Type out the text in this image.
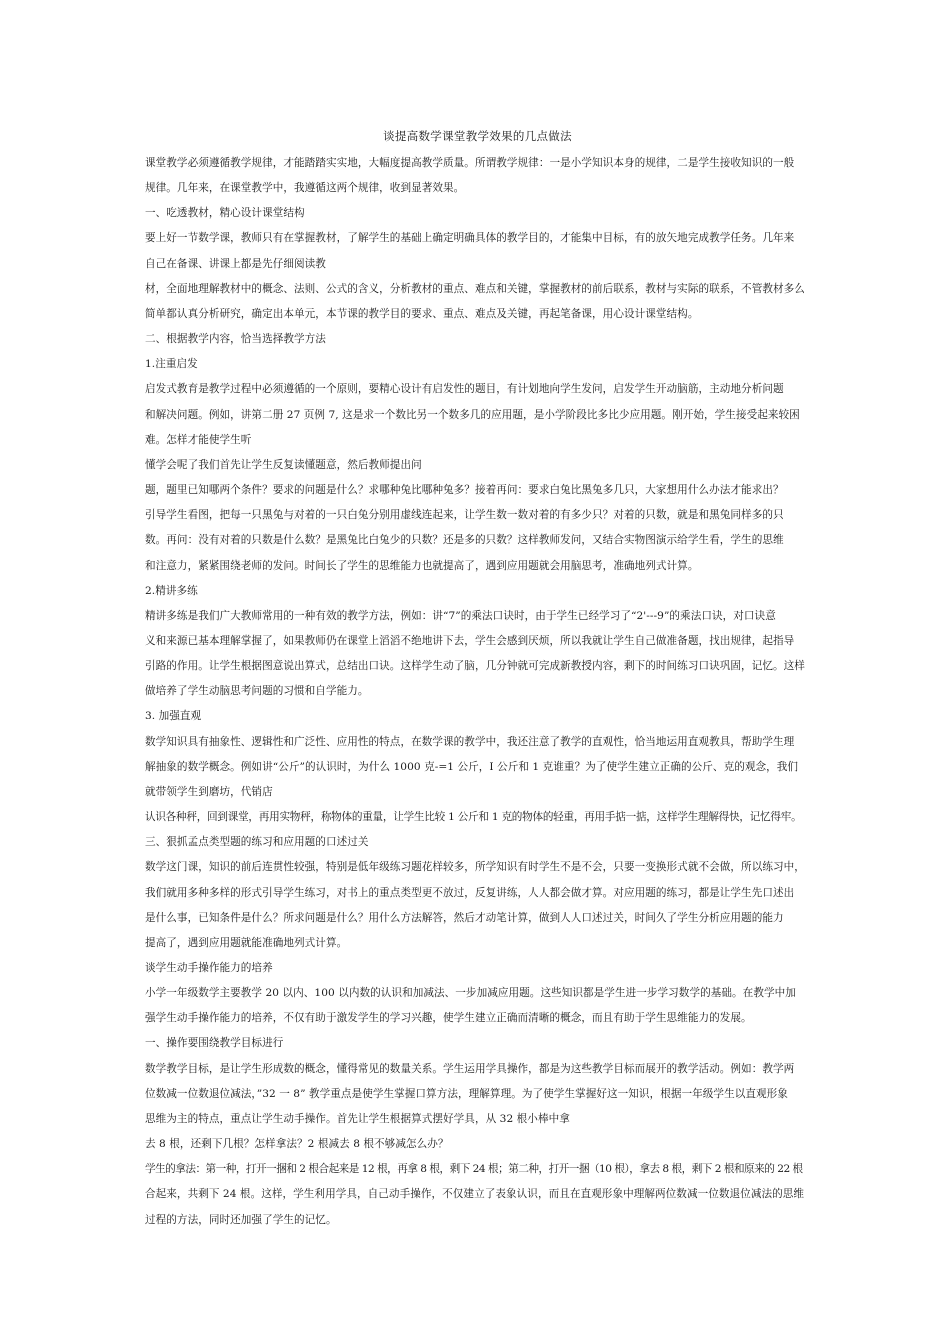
谈提高数学课堂教学效果的几点做法
课堂教学必须遵循教学规律，才能踏踏实实地，大幅度提高教学质量。所谓教学规律：一是小学知识本身的规律，二是学生接收知识的一般
规律。几年来，在课堂教学中，我遵循这两个规律，收到显著效果。
一、吃透教材，精心设计课堂结构
要上好一节数学课，教师只有在掌握教材，了解学生的基础上确定明确具体的教学目的，才能集中目标，有的放矢地完成教学任务。几年来
自己在备课、讲课上都是先仔细阅读教
材，全面地理解教材中的概念、法则、公式的含义，分析教材的重点、难点和关键，掌握教材的前后联系，教材与实际的联系，不管教材多么
简单都认真分析研究，确定出本单元，本节课的教学目的要求、重点、难点及关键，再起笔备课，用心设计课堂结构。
二、根据教学内容，恰当选择教学方法
1.注重启发
启发式教育是教学过程中必须遵循的一个原则，要精心设计有启发性的题目，有计划地向学生发问，启发学生开动脑筋，主动地分析问题
和解决问题。例如，讲第二册 27 页例 7, 这是求一个数比另一个数多几的应用题，是小学阶段比多比少应用题。刚开始，学生接受起来较困
难。怎样才能使学生听
懂学会呢了我们首先让学生反复读懂题意，然后教师提出问
题，题里已知哪两个条件？要求的问题是什么？求哪种兔比哪种兔多？接着再问：要求白兔比黑兔多几只，大家想用什么办法才能求出？
引导学生看图，把每一只黑兔与对着的一只白兔分别用虚线连起来，让学生数一数对着的有多少只？对着的只数，就是和黑兔同样多的只
数。再问：没有对着的只数是什么数？是黑兔比白兔少的只数？还是多的只数？这样教师发问，又结合实物图演示给学生看，学生的思维
和注意力，紧紧围绕老师的发问。时间长了学生的思维能力也就提高了，遇到应用题就会用脑思考，准确地列式计算。
2.精讲多练
精讲多练是我们广大教师常用的一种有效的教学方法，例如：讲“7”的乘法口诀时，由于学生已经学习了“2'---9”的乘法口诀，对口诀意
义和来源已基本理解掌握了，如果教师仍在课堂上滔滔不绝地讲下去，学生会感到厌烦，所以我就让学生自己做准备题，找出规律，起指导
引路的作用。让学生根据图意说出算式，总结出口诀。这样学生动了脑，几分钟就可完成新教授内容，剩下的时间练习口诀巩固，记忆。这样
做培养了学生动脑思考问题的习惯和自学能力。
3. 加强直观
数学知识具有抽象性、逻辑性和广泛性、应用性的特点，在数学课的教学中，我还注意了教学的直观性，恰当地运用直观教具，帮助学生理
解抽象的数学概念。例如讲“公斤”的认识时，为什么 1000 克-=1 公斤，I 公斤和 1 克谁重？为了使学生建立正确的公斤、克的观念，我们
就带领学生到磨坊，代销店
认识各种秤，回到课堂，再用实物秤，称物体的重量，让学生比较 1 公斤和 1 克的物体的轻重，再用手掂一掂，这样学生理解得快，记忆得牢。
三、狠抓孟点类型题的练习和应用题的口述过关
数学这门课，知识的前后连贯性较强，特别是低年级练习题花样较多，所学知识有时学生不是不会，只要一变换形式就不会做，所以练习中，
我们就用多种多样的形式引导学生练习，对书上的重点类型更不放过，反复讲练，人人都会做才算。对应用题的练习，都是让学生先口述出
是什么事，已知条件是什么？所求问题是什么？用什么方法解答，然后才动笔计算，做到人人口述过关，时间久了学生分析应用题的能力
提高了，遇到应用题就能准确地列式计算。
谈学生动手操作能力的培养
小学一年级数学主要教学 20 以内、100 以内数的认识和加减法、一步加减应用题。这些知识都是学生进一步学习数学的基础。在教学中加
强学生动手操作能力的培养，不仅有助于激发学生的学习兴趣，使学生建立正确而清晰的概念，而且有助于学生思维能力的发展。
一、操作要围绕教学目标进行
数学教学目标，是让学生形成数的概念，懂得常见的数量关系。学生运用学具操作，都是为这些教学目标而展开的教学活动。例如：教学两
位数减一位数退位减法，”32 一 8” 教学重点是使学生掌握口算方法，理解算理。为了使学生掌握好这一知识，根据一年级学生以直观形象
思维为主的特点，重点让学生动手操作。首先让学生根据算式摆好学具，从 32 根小棒中拿
去 8 根，还剩下几根？怎样拿法？2 根减去 8 根不够减怎么办？
学生的拿法：第一种，打开一捆和 2 根合起来是 12 根，再拿 8 根，剩下 24 根；第二种，打开一捆（10 根），拿去 8 根，剩下 2 根和原来的 22 根
合起来，共剩下 24 根。这样，学生利用学具，自己动手操作，不仅建立了表象认识，而且在直观形象中理解两位数减一位数退位减法的思维
过程的方法，同时还加强了学生的记忆。
